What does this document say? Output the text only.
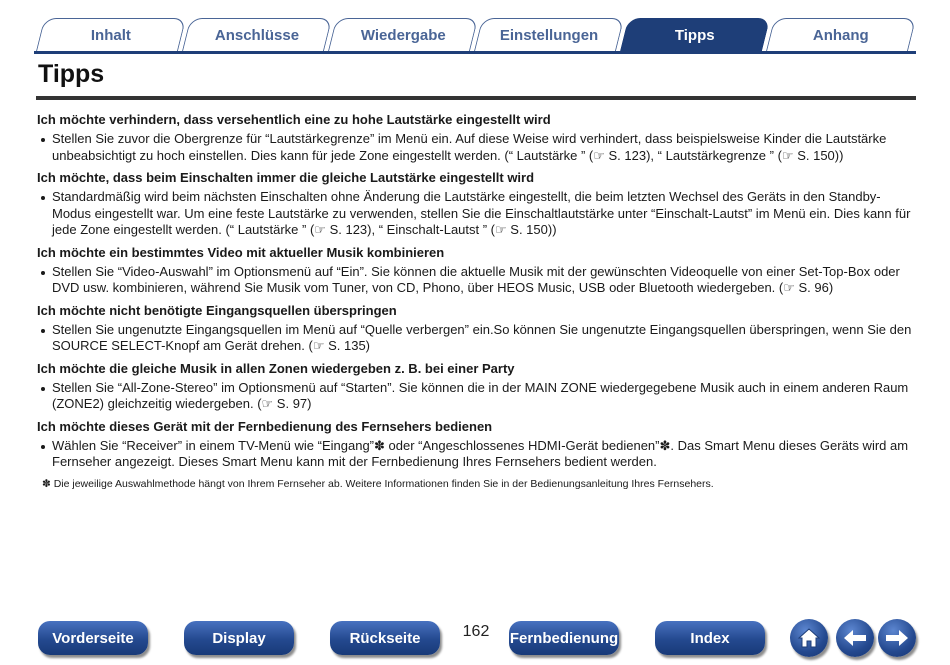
Inhalt	Anschlüsse	Wiedergabe	Einstellungen	Tipps	Anhang
Tipps
Ich möchte verhindern, dass versehentlich eine zu hohe Lautstärke eingestellt wird
Stellen Sie zuvor die Obergrenze für “Lautstärkegrenze” im Menü ein. Auf diese Weise wird verhindert, dass beispielsweise Kinder die Lautstärke unbeabsichtigt zu hoch einstellen. Dies kann für jede Zone eingestellt werden. (“ Lautstärke ” (☞ S. 123), “ Lautstärkegrenze ” (☞ S. 150))
Ich möchte, dass beim Einschalten immer die gleiche Lautstärke eingestellt wird
Standardmäßig wird beim nächsten Einschalten ohne Änderung die Lautstärke eingestellt, die beim letzten Wechsel des Geräts in den Standby-Modus eingestellt war. Um eine feste Lautstärke zu verwenden, stellen Sie die Einschaltlautstärke unter “Einschalt-Lautst” im Menü ein. Dies kann für jede Zone eingestellt werden. (“ Lautstärke ” (☞ S. 123), “ Einschalt-Lautst ” (☞ S. 150))
Ich möchte ein bestimmtes Video mit aktueller Musik kombinieren
Stellen Sie “Video-Auswahl” im Optionsmenü auf “Ein”. Sie können die aktuelle Musik mit der gewünschten Videoquelle von einer Set-Top-Box oder DVD usw. kombinieren, während Sie Musik vom Tuner, von CD, Phono, über HEOS Music, USB oder Bluetooth wiedergeben. (☞ S. 96)
Ich möchte nicht benötigte Eingangsquellen überspringen
Stellen Sie ungenutzte Eingangsquellen im Menü auf “Quelle verbergen” ein.So können Sie ungenutzte Eingangsquellen überspringen, wenn Sie den SOURCE SELECT-Knopf am Gerät drehen. (☞ S. 135)
Ich möchte die gleiche Musik in allen Zonen wiedergeben z. B. bei einer Party
Stellen Sie “All-Zone-Stereo” im Optionsmenü auf “Starten”. Sie können die in der MAIN ZONE wiedergegebene Musik auch in einem anderen Raum (ZONE2) gleichzeitig wiedergeben. (☞ S. 97)
Ich möchte dieses Gerät mit der Fernbedienung des Fernsehers bedienen
Wählen Sie “Receiver” in einem TV-Menü wie “Eingang”✽ oder “Angeschlossenes HDMI-Gerät bedienen”✽. Das Smart Menu dieses Geräts wird am Fernseher angezeigt. Dieses Smart Menu kann mit der Fernbedienung Ihres Fernsehers bedient werden.
✽ Die jeweilige Auswahlmethode hängt von Ihrem Fernseher ab. Weitere Informationen finden Sie in der Bedienungsanleitung Ihres Fernsehers.
162
Vorderseite	Display	Rückseite	Fernbedienung	Index
